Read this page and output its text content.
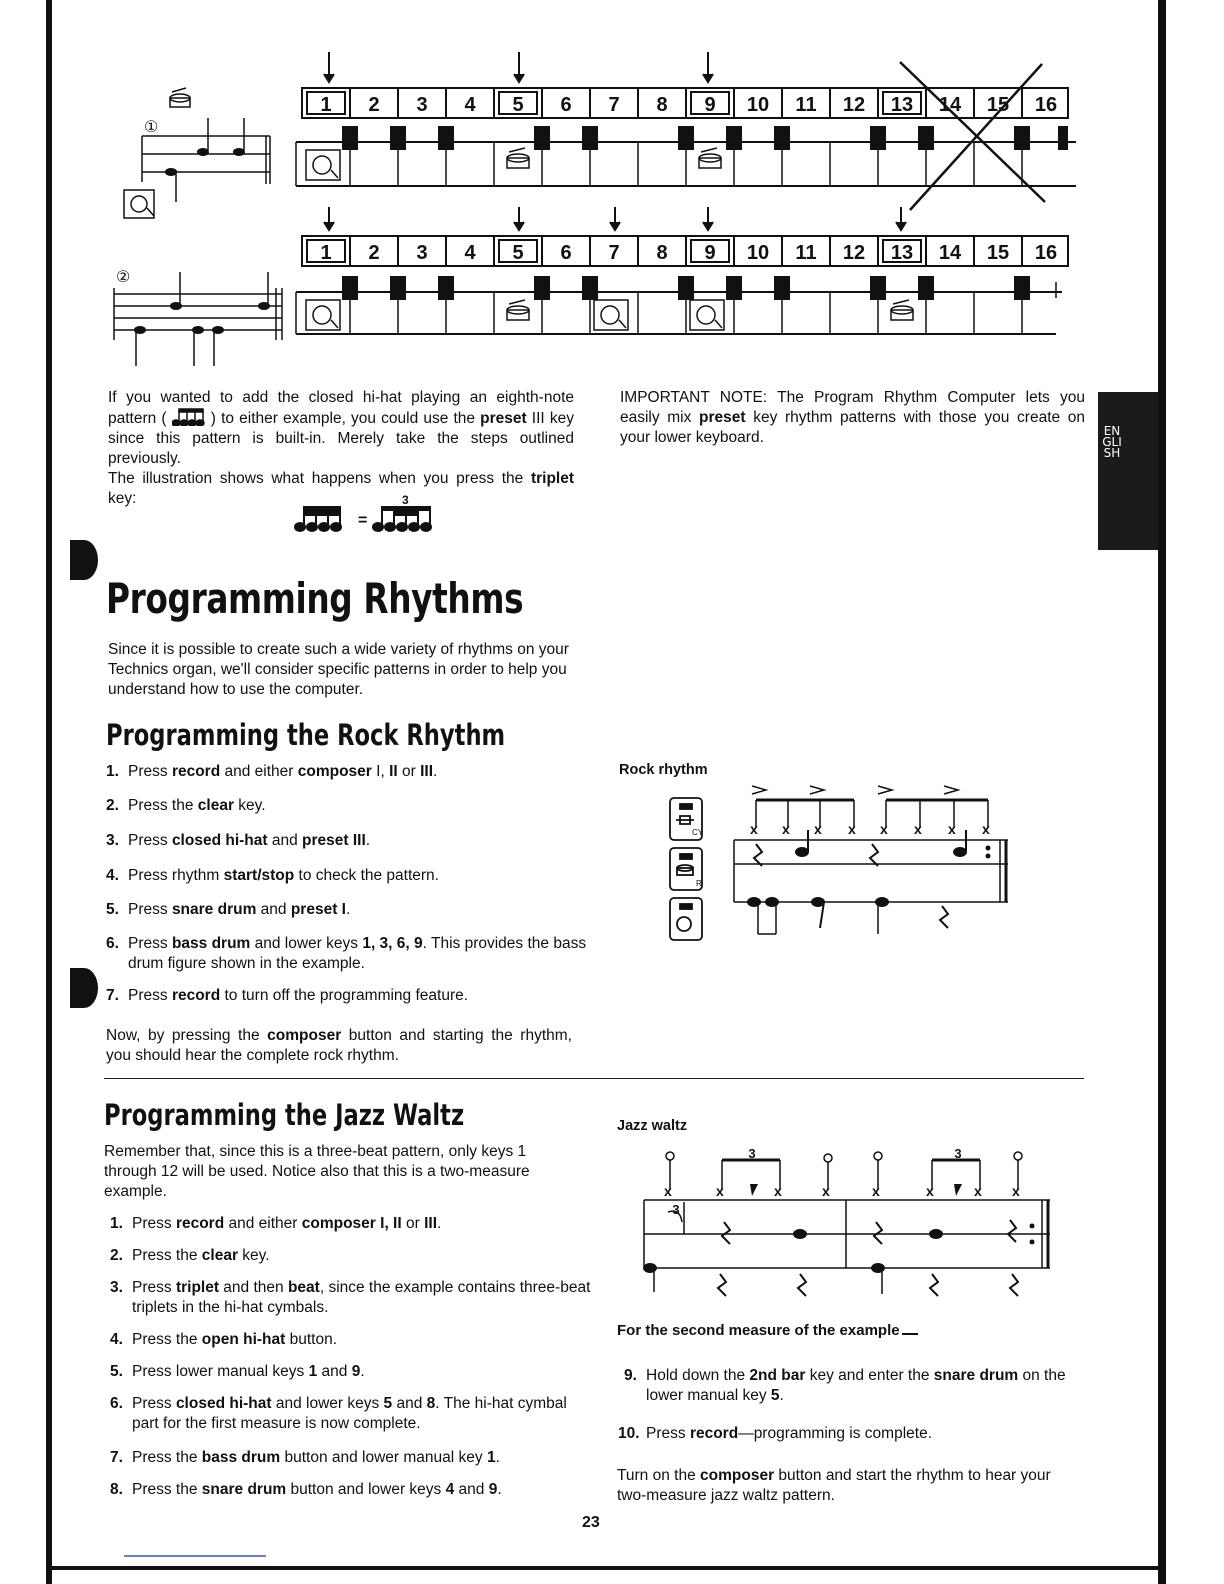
ENGLISH
1 2 3 4 5 6 7 8 9 10 11 12 13 14 15 16
1 2 3 4 5 6 7 8 9 10 11 12 13 14 15 16
①
②
If you wanted to add the closed hi-hat playing an eighth-note pattern (	) to either example, you could use the preset III key since this pattern is built-in. Merely take the steps outlined previously.
The illustration shows what happens when you press the triplet key:
=
3
IMPORTANT NOTE: The Program Rhythm Computer lets you easily mix preset key rhythm patterns with those you create on your lower keyboard.
Programming Rhythms
Since it is possible to create such a wide variety of rhythms on your Technics organ, we'll consider specific patterns in order to help you understand how to use the computer.
Programming the Rock Rhythm
1. Press record and either composer I, II or III.
2. Press the clear key.
3. Press closed hi-hat and preset III.
4. Press rhythm start/stop to check the pattern.
5. Press snare drum and preset I.
6. Press bass drum and lower keys 1, 3, 6, 9. This provides the bass drum figure shown in the example.
7. Press record to turn off the programming feature.
Now, by pressing the composer button and starting the rhythm, you should hear the complete rock rhythm.
Rock rhythm
CY
R
x x x x x x x x
Programming the Jazz Waltz
Remember that, since this is a three-beat pattern, only keys 1 through 12 will be used. Notice also that this is a two-measure example.
1. Press record and either composer I, II or III.
2. Press the clear key.
3. Press triplet and then beat, since the example contains three-beat triplets in the hi-hat cymbals.
4. Press the open hi-hat button.
5. Press lower manual keys 1 and 9.
6. Press closed hi-hat and lower keys 5 and 8. The hi-hat cymbal part for the first measure is now complete.
7. Press the bass drum button and lower manual key 1.
8. Press the snare drum button and lower keys 4 and 9.
Jazz waltz
x	x	x	x	x	x	x x
3	3
3
For the second measure of the example
9. Hold down the 2nd bar key and enter the snare drum on the lower manual key 5.
10. Press record—programming is complete.
Turn on the composer button and start the rhythm to hear your two-measure jazz waltz pattern.
23
